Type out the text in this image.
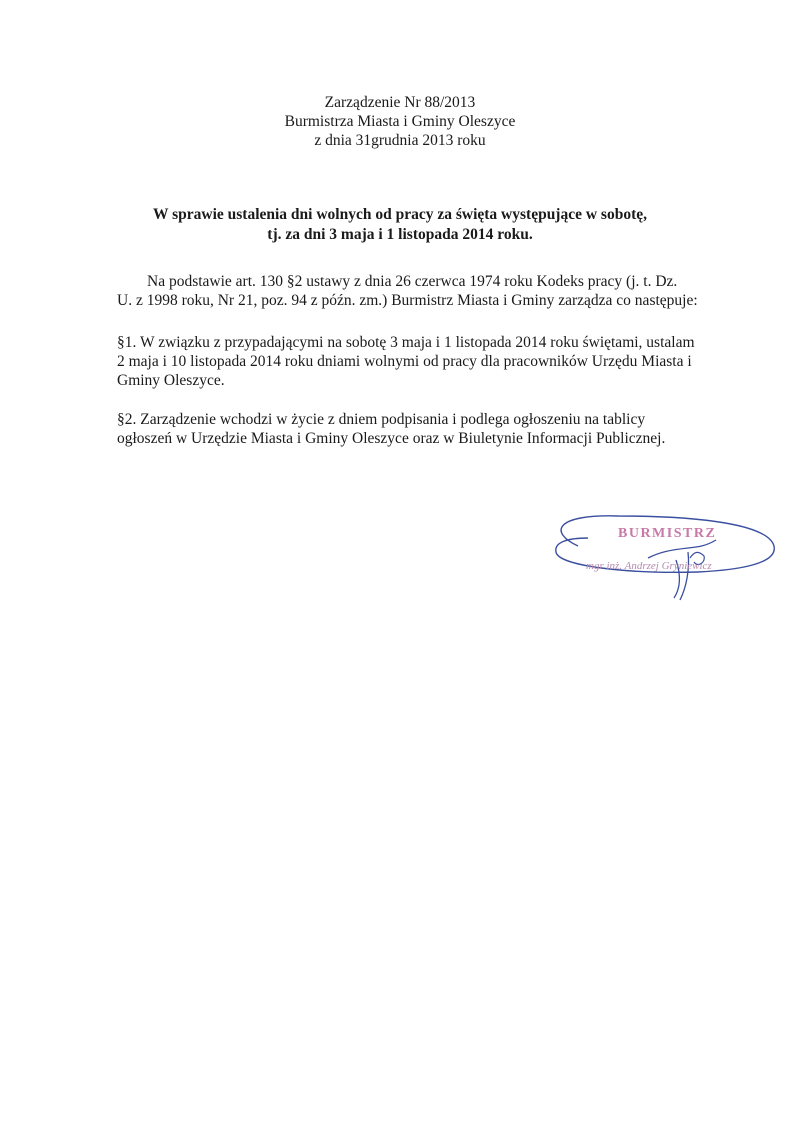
Zarządzenie Nr 88/2013
Burmistrza Miasta i Gminy Oleszyce
z dnia 31grudnia 2013 roku
W sprawie ustalenia dni wolnych od pracy za święta występujące w sobotę,
tj. za dni 3 maja i 1 listopada 2014 roku.
Na podstawie art. 130 §2 ustawy z dnia 26 czerwca 1974 roku Kodeks pracy (j. t. Dz.
U. z 1998 roku, Nr 21, poz. 94 z późn. zm.) Burmistrz Miasta i Gminy zarządza co następuje:
§1. W związku z przypadającymi na sobotę 3 maja i 1 listopada 2014 roku świętami, ustalam
2 maja i 10 listopada 2014 roku dniami wolnymi od pracy dla pracowników Urzędu Miasta i
Gminy Oleszyce.
§2. Zarządzenie wchodzi w życie z dniem podpisania i podlega ogłoszeniu na tablicy
ogłoszeń w Urzędzie Miasta i Gminy Oleszyce oraz w Biuletynie Informacji Publicznej.
BURMISTRZ
mgr inż. Andrzej Gryniewicz
